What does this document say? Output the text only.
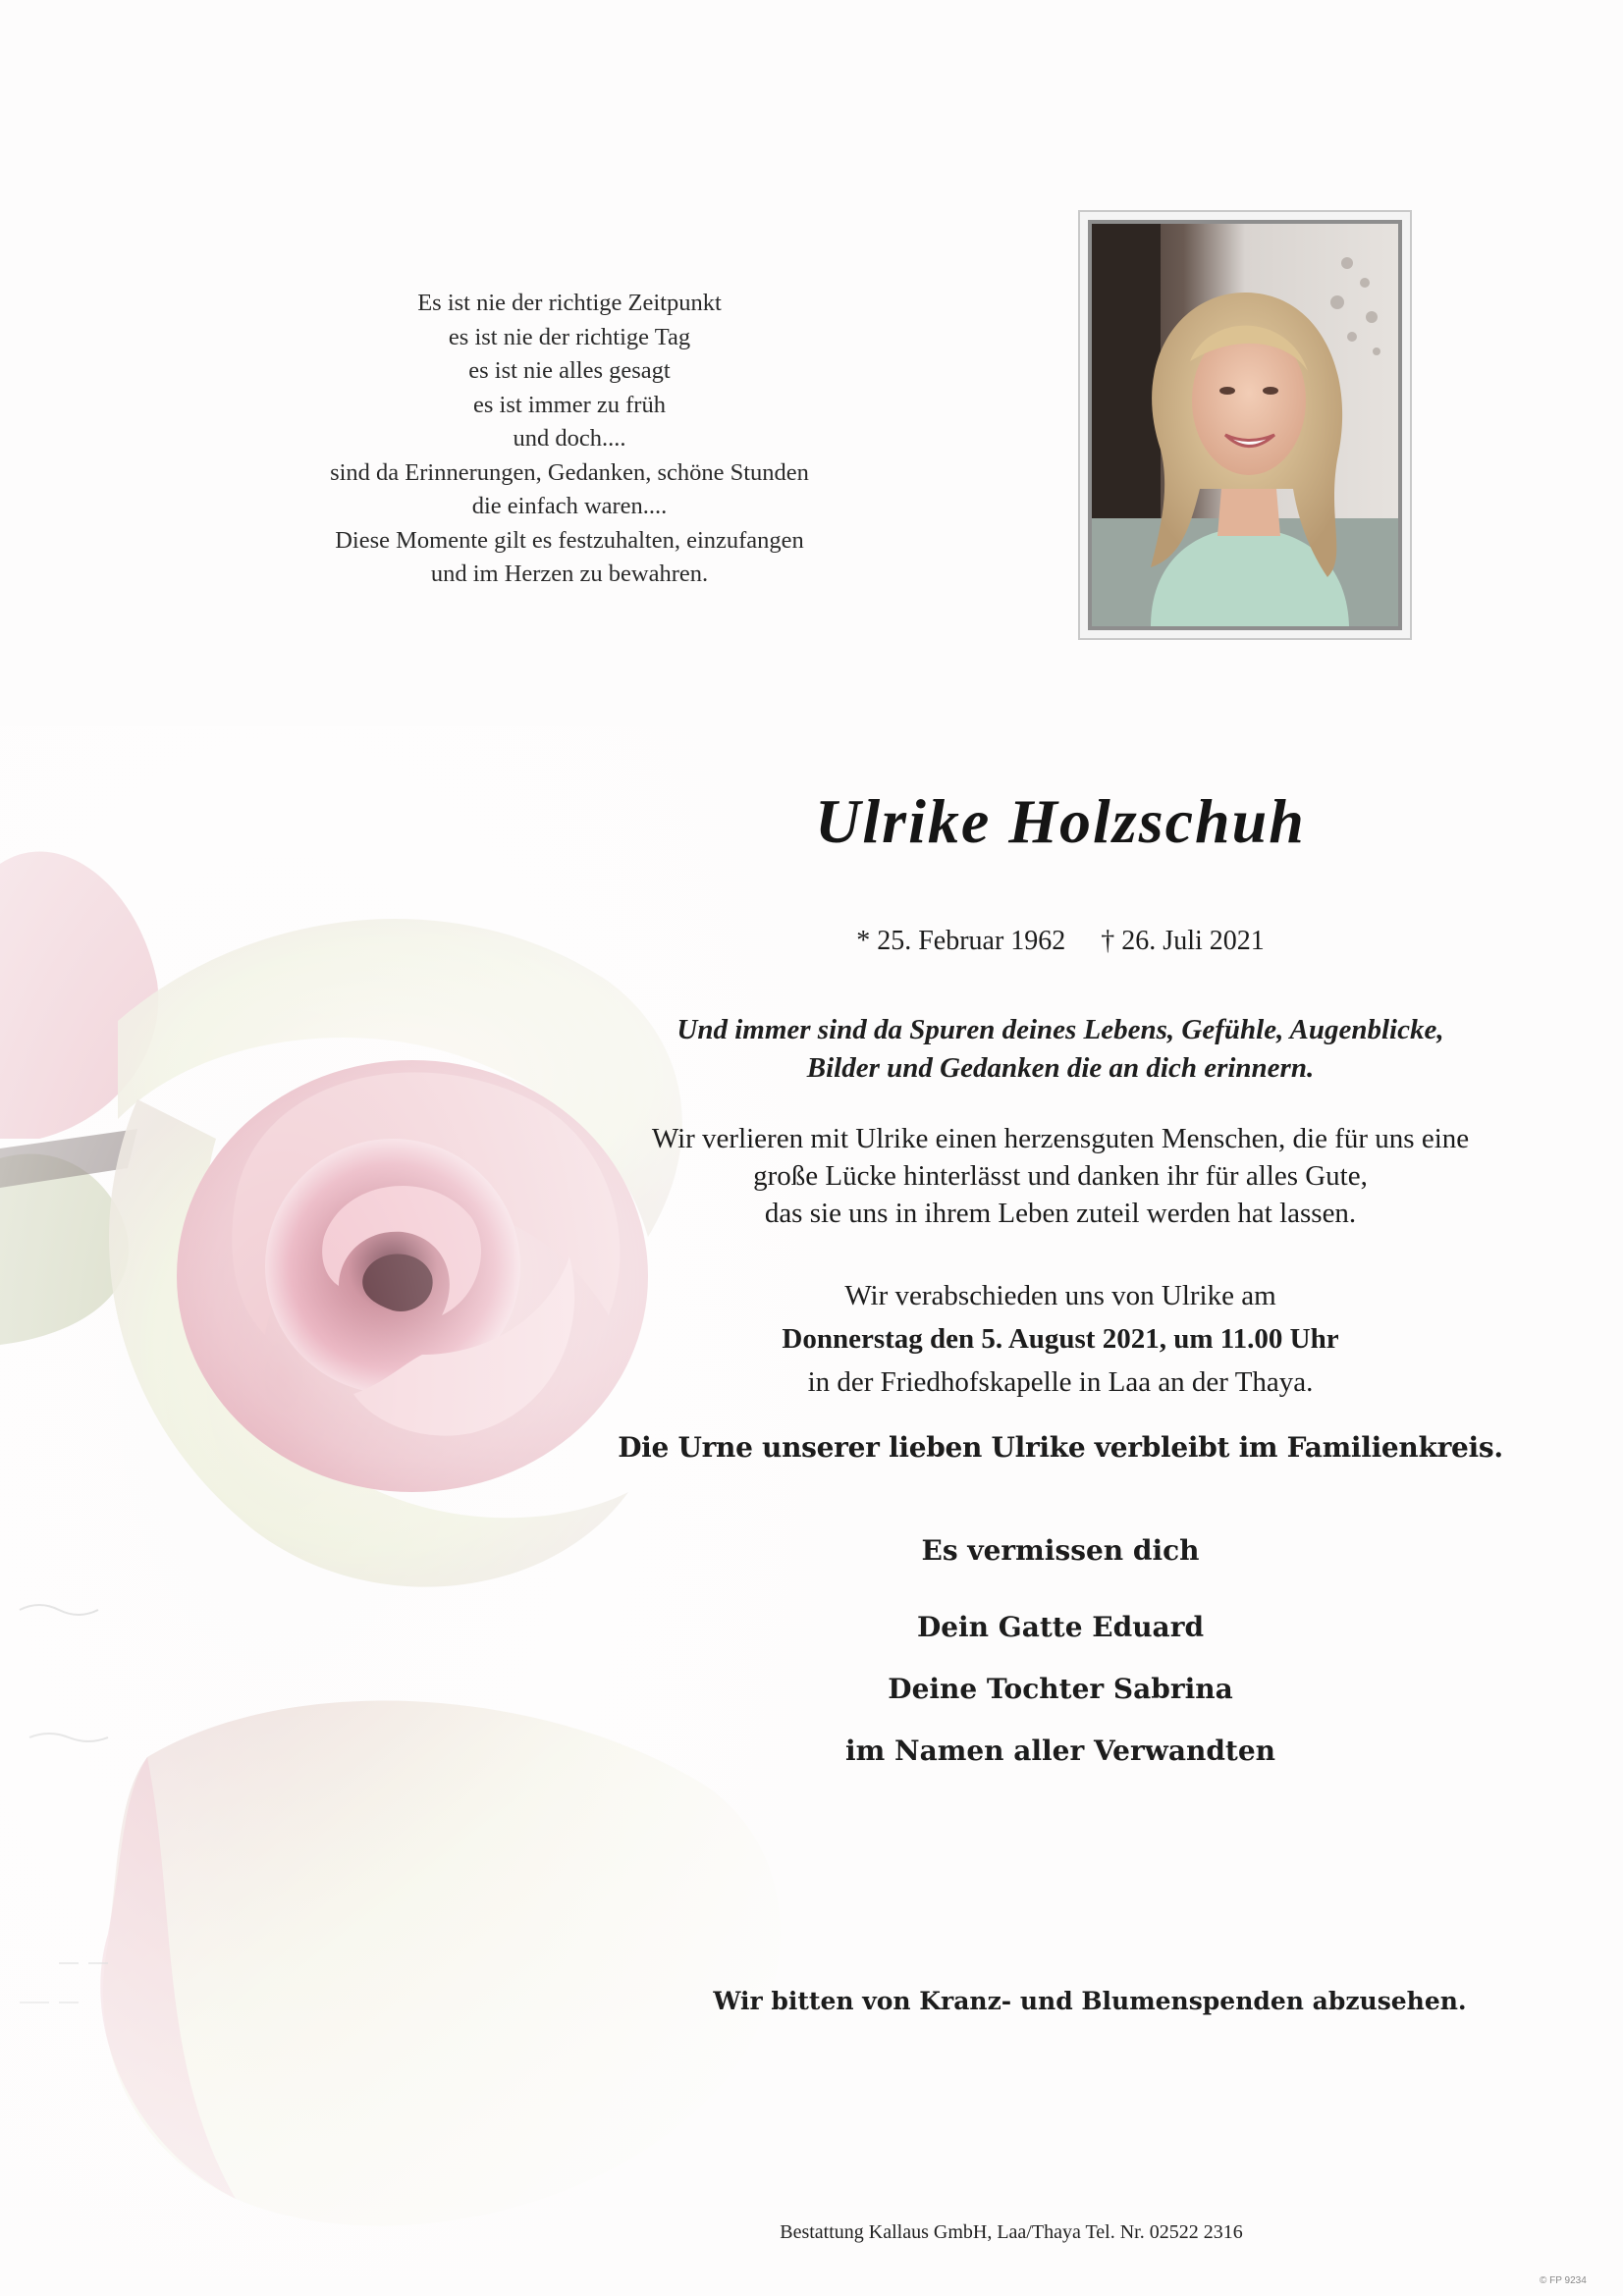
Es ist nie der richtige Zeitpunkt
es ist nie der richtige Tag
es ist nie alles gesagt
es ist immer zu früh
und doch....
sind da Erinnerungen, Gedanken, schöne Stunden
die einfach waren....
Diese Momente gilt es festzuhalten, einzufangen
und im Herzen zu bewahren.
Ulrike Holzschuh
* 25. Februar 1962 † 26. Juli 2021
Und immer sind da Spuren deines Lebens, Gefühle, Augenblicke,
Bilder und Gedanken die an dich erinnern.
Wir verlieren mit Ulrike einen herzensguten Menschen, die für uns eine
große Lücke hinterlässt und danken ihr für alles Gute,
das sie uns in ihrem Leben zuteil werden hat lassen.
Wir verabschieden uns von Ulrike am
Donnerstag den 5. August 2021, um 11.00 Uhr
in der Friedhofskapelle in Laa an der Thaya.
Die Urne unserer lieben Ulrike verbleibt im Familienkreis.
Es vermissen dich
Dein Gatte Eduard
Deine Tochter Sabrina
im Namen aller Verwandten
Wir bitten von Kranz- und Blumenspenden abzusehen.
Bestattung Kallaus GmbH, Laa/Thaya Tel. Nr. 02522 2316
© FP 9234
